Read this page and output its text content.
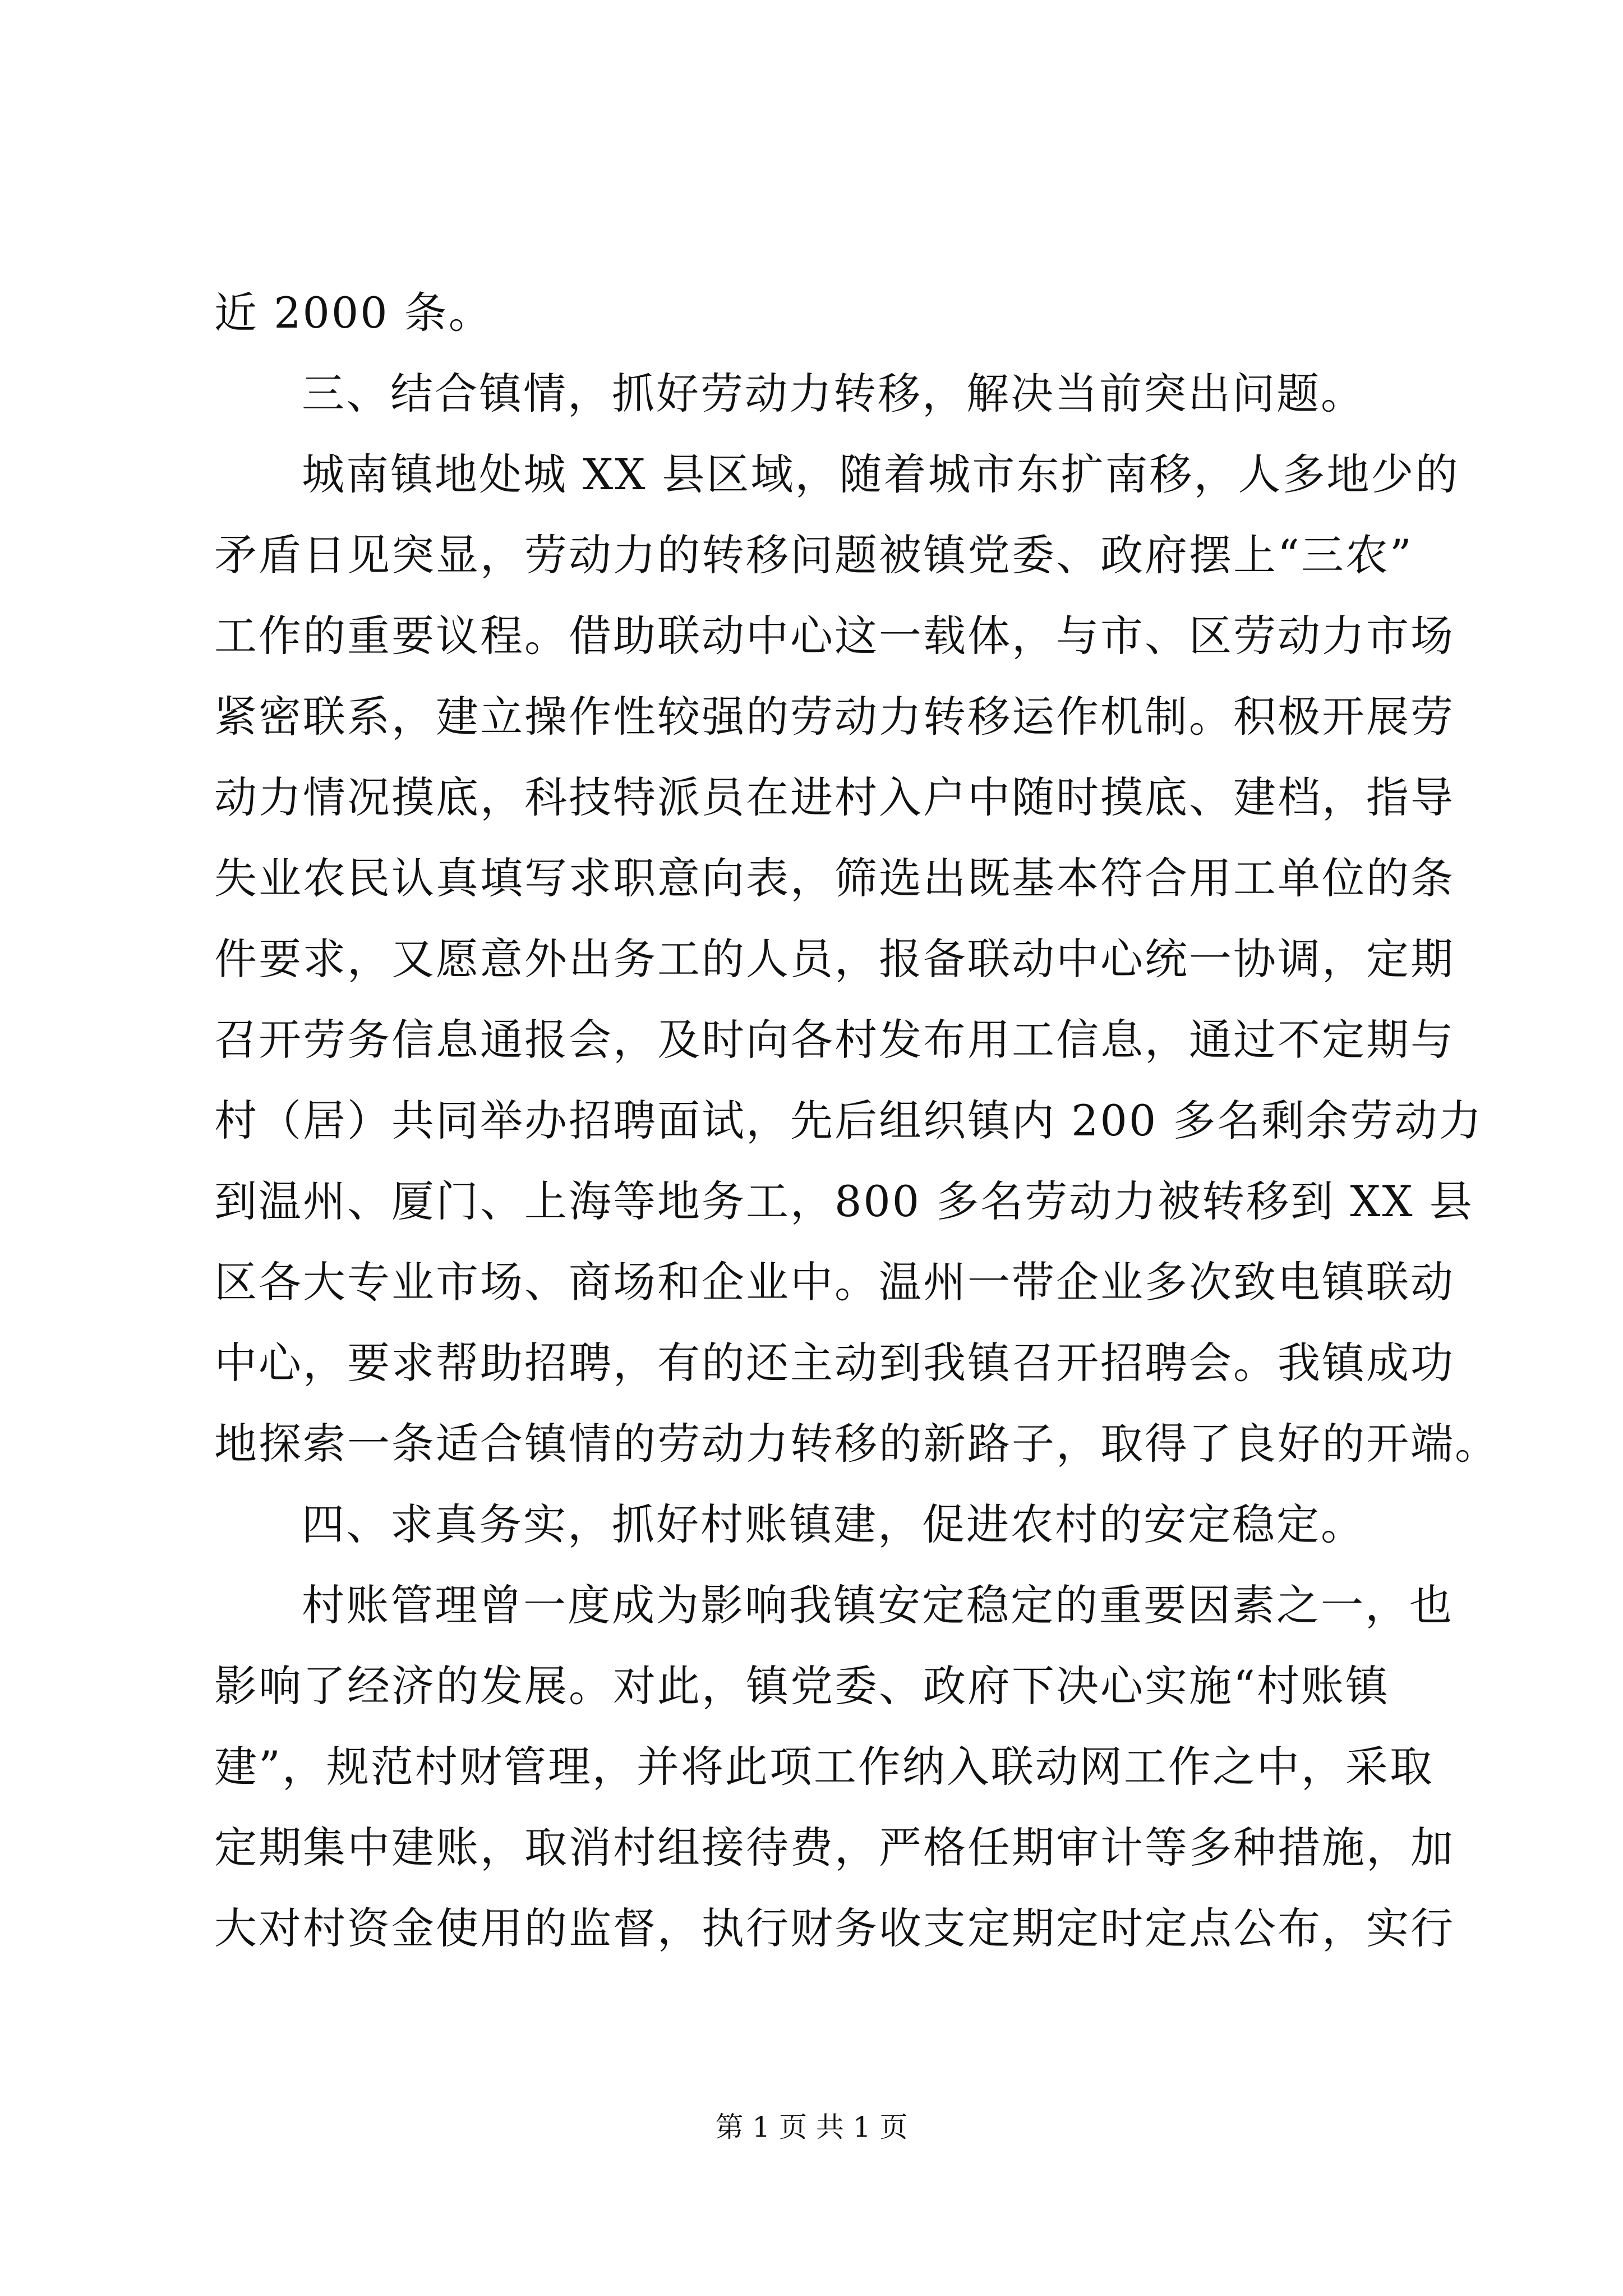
近 2000 条。
三、结合镇情，抓好劳动力转移，解决当前突出问题。
城南镇地处城 XX 县区域，随着城市东扩南移，人多地少的
矛盾日见突显，劳动力的转移问题被镇党委、政府摆上“三农”
工作的重要议程。借助联动中心这一载体，与市、区劳动力市场
紧密联系，建立操作性较强的劳动力转移运作机制。积极开展劳
动力情况摸底，科技特派员在进村入户中随时摸底、建档，指导
失业农民认真填写求职意向表，筛选出既基本符合用工单位的条
件要求，又愿意外出务工的人员，报备联动中心统一协调，定期
召开劳务信息通报会，及时向各村发布用工信息，通过不定期与
村（居）共同举办招聘面试，先后组织镇内 200 多名剩余劳动力
到温州、厦门、上海等地务工，800 多名劳动力被转移到 XX 县
区各大专业市场、商场和企业中。温州一带企业多次致电镇联动
中心，要求帮助招聘，有的还主动到我镇召开招聘会。我镇成功
地探索一条适合镇情的劳动力转移的新路子，取得了良好的开端。
四、求真务实，抓好村账镇建，促进农村的安定稳定。
村账管理曾一度成为影响我镇安定稳定的重要因素之一，也
影响了经济的发展。对此，镇党委、政府下决心实施“村账镇
建”，规范村财管理，并将此项工作纳入联动网工作之中，采取
定期集中建账，取消村组接待费，严格任期审计等多种措施，加
大对村资金使用的监督，执行财务收支定期定时定点公布，实行
第 1 页 共 1 页
